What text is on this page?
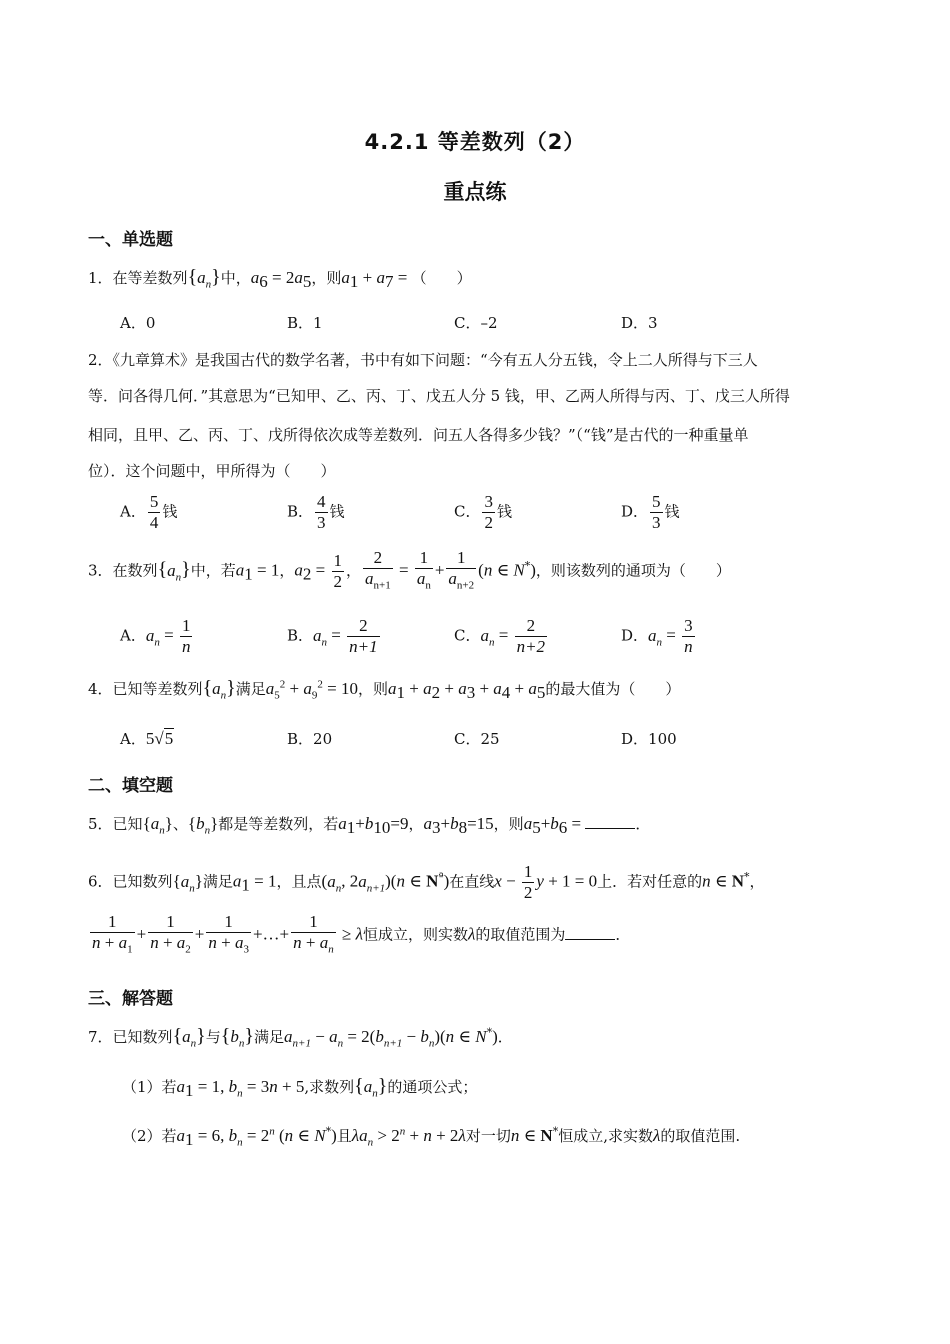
4.2.1 等差数列（2）
重点练
一、单选题
1．在等差数列$\{a_n\}$中，$a_6 = 2a_5$，则$a_1 + a_7$ = （　　）
A．0	B．1	C．–2	D．3
2．《九章算术》是我国古代的数学名著，书中有如下问题：“今有五人分五钱，令上二人所得与下三人
等．问各得几何．”其意思为“已知甲、乙、丙、丁、戊五人分 5 钱，甲、乙两人所得与丙、丁、戊三人所得
相同，且甲、乙、丙、丁、戊所得依次成等差数列．问五人各得多少钱？”（“钱”是古代的一种重量单
位）．这个问题中，甲所得为（　　）
A． $\frac{5}{4}$ 钱	B． $\frac{4}{3}$ 钱	C． $\frac{3}{2}$ 钱	D． $\frac{5}{3}$ 钱
3．在数列$\{a_n\}$中，若$a_1 = 1$，$a_2 = \frac{1}{2}$ ， $\frac{2}{a_{n+1}} = \frac{1}{a_n} + \frac{1}{a_{n+2}} (n$ ∈ N*)，则该数列的通项为（　　）
A．$a_n = \frac{1}{n}$	B．$a_n = \frac{2}{n+1}$	C．$a_n = \frac{2}{n+2}$	D．$a_n = \frac{3}{n}$
4．已知等差数列$\{a_n\}$满足$a_5^2 + a_9^2 = 10$，则$a_1 + a_2 + a_3 + a_4 + a_5$的最大值为（　　）
A．5√5	B．20	C．25	D．100
二、填空题
5．已知$\{a_n\}$、$\{b_n\}$都是等差数列，若$a_1+b_{10}=9$，$a_3+b_8=15$，则$a_5+b_6$ =	．
6．已知数列$\{a_n\}$满足$a_1 = 1$，且点($a_n$, $2a_{n+1})(n$ ∈ $N^ª$)在直线$x - \frac{1}{2}$ y + 1 = 0上．若对任意的n ∈ N*，
$\frac{1}{n + a_1} + \frac{1}{n + a_2} + \frac{1}{n + a_3}$ +…+ $\frac{1}{n + a_n} \ge \lambda$恒成立，则实数λ的取值范围为	．
三、解答题
7．已知数列$\{a_n\}$与$\{b_n\}$满足$a_{n+1} - a_n = 2(b_{n+1} - b_n)(n$ ∈ N*)．
（1）若$a_1 = 1$, $b_n = 3n + 5$,求数列$\{a_n\}$的通项公式；
（2）若$a_1 = 6$, $b_n = 2^n$ (n ∈ N*)且$\lambda a_n > 2^n + n + 2\lambda$对一切n ∈ N*恒成立,求实数λ的取值范围.
